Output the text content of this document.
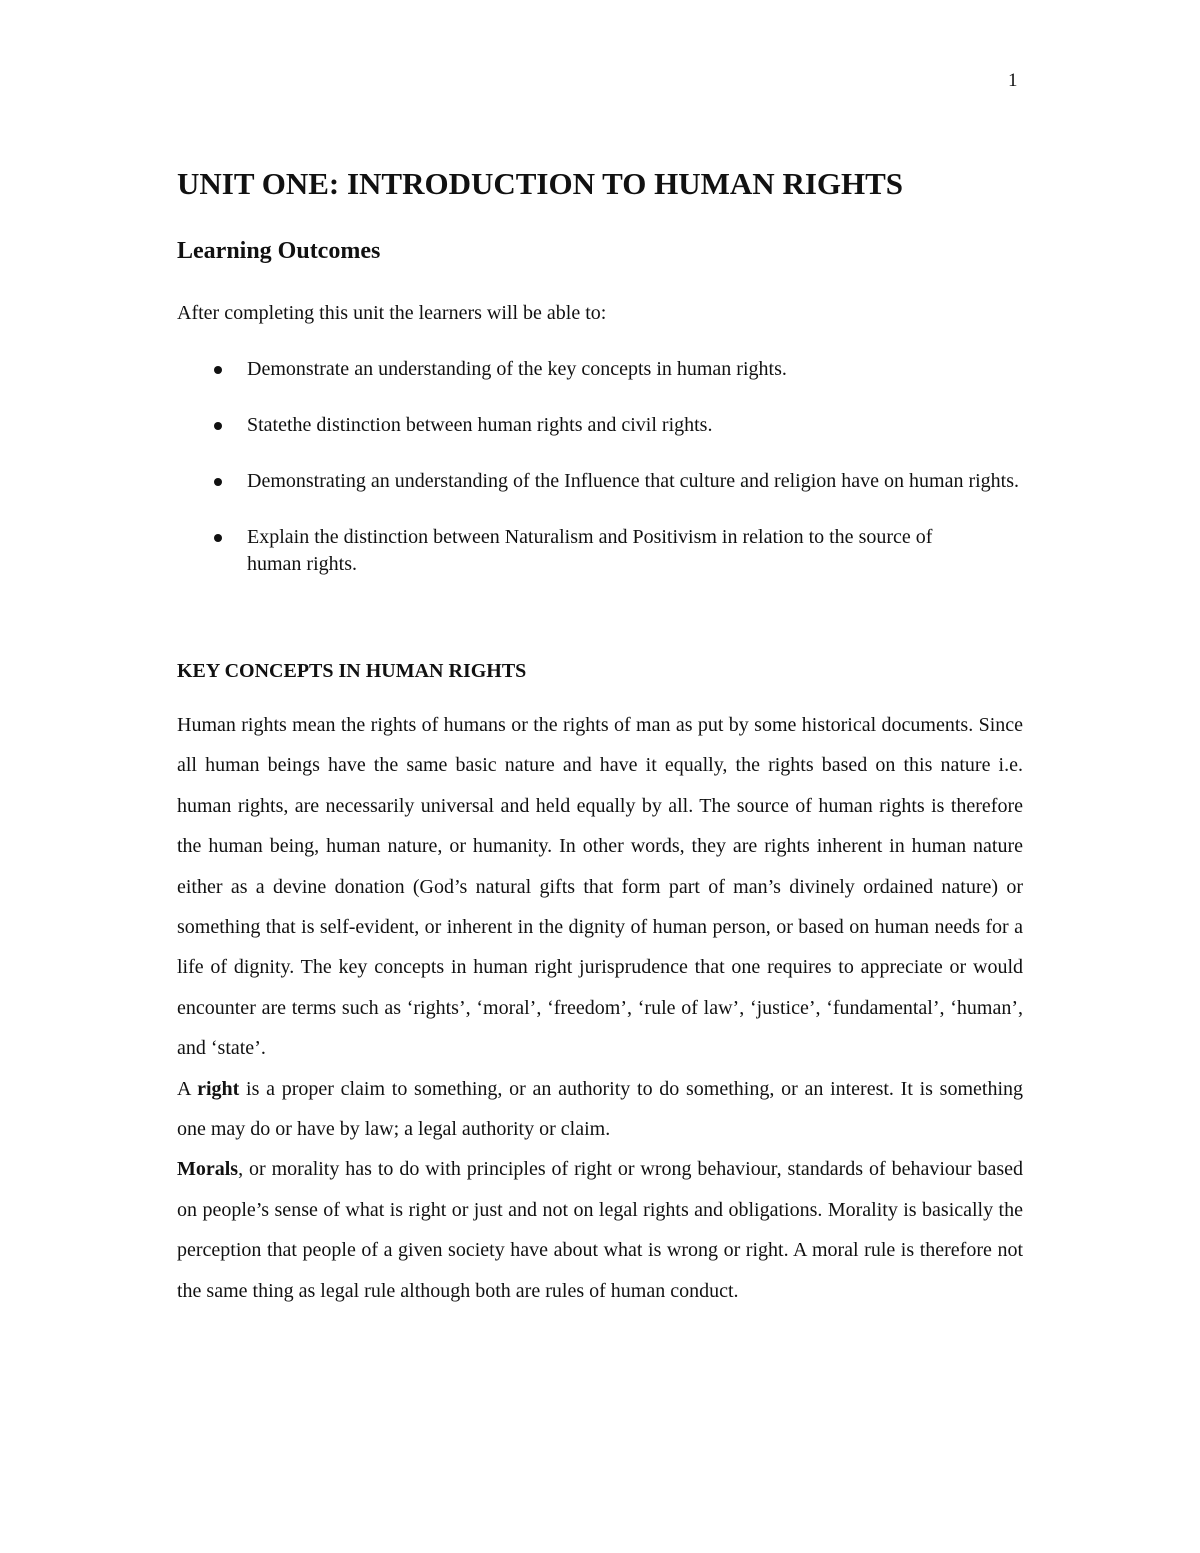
1
UNIT ONE: INTRODUCTION TO HUMAN RIGHTS
Learning Outcomes

After completing this unit the learners will be able to:

Demonstrate an understanding of the key concepts in human rights.
Statethe distinction between human rights and civil rights.
Demonstrating an understanding of the Influence that culture and religion have on human rights.
Explain the distinction between Naturalism and Positivism in relation to the source of human rights.
KEY CONCEPTS IN HUMAN RIGHTS

Human rights mean the rights of humans or the rights of man as put by some historical documents. Since all human beings have the same basic nature and have it equally, the rights based on this nature i.e. human rights, are necessarily universal and held equally by all. The source of human rights is therefore the human being, human nature, or humanity. In other words, they are rights inherent in human nature either as a devine donation (God’s natural gifts that form part of man’s divinely ordained nature) or something that is self-evident, or inherent in the dignity of human person, or based on human needs for a life of dignity. The key concepts in human right jurisprudence that one requires to appreciate or would encounter are terms such as ‘rights’, ‘moral’, ‘freedom’, ‘rule of law’, ‘justice’, ‘fundamental’, ‘human’, and ‘state’.

A right is a proper claim to something, or an authority to do something, or an interest. It is something one may do or have by law; a legal authority or claim.

Morals, or morality has to do with principles of right or wrong behaviour, standards of behaviour based on people’s sense of what is right or just and not on legal rights and obligations. Morality is basically the perception that people of a given society have about what is wrong or right. A moral rule is therefore not the same thing as legal rule although both are rules of human conduct.
